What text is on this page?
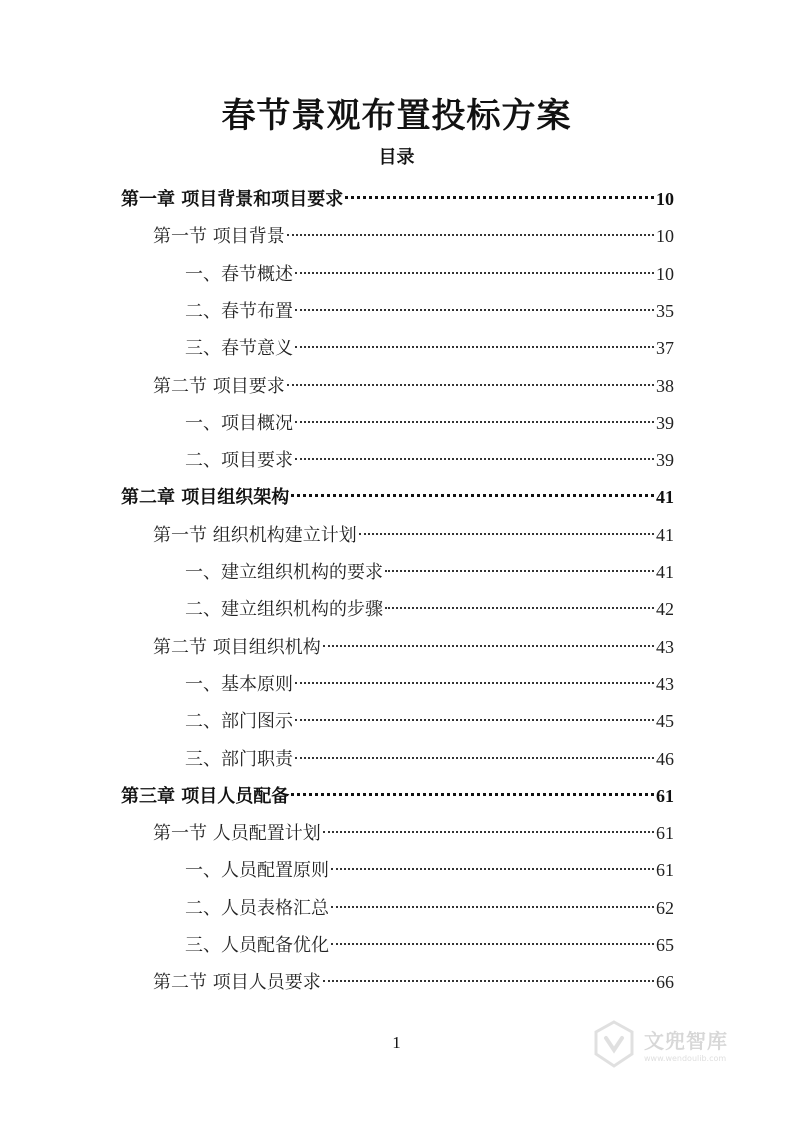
春节景观布置投标方案
目录
第一章 项目背景和项目要求	10
第一节 项目背景	10
一、春节概述	10
二、春节布置	35
三、春节意义	37
第二节 项目要求	38
一、项目概况	39
二、项目要求	39
第二章 项目组织架构	41
第一节 组织机构建立计划	41
一、建立组织机构的要求	41
二、建立组织机构的步骤	42
第二节 项目组织机构	43
一、基本原则	43
二、部门图示	45
三、部门职责	46
第三章 项目人员配备	61
第一节 人员配置计划	61
一、人员配置原则	61
二、人员表格汇总	62
三、人员配备优化	65
第二节 项目人员要求	66
1	文兜智库
www.wendoulib.com
